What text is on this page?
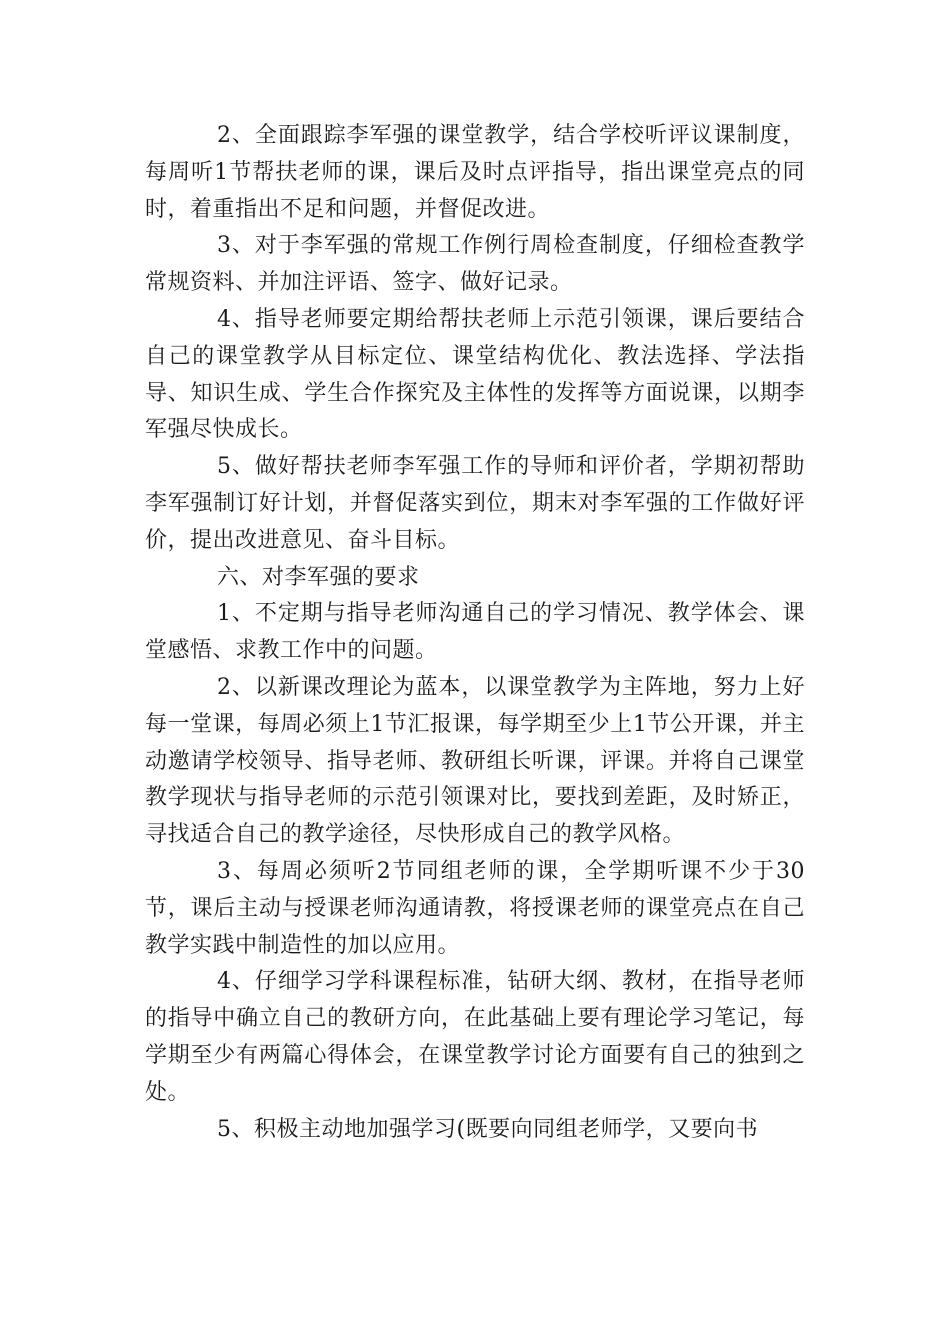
2、全面跟踪李军强的课堂教学，结合学校听评议课制度，每周听1节帮扶老师的课，课后及时点评指导，指出课堂亮点的同时，着重指出不足和问题，并督促改进。

3、对于李军强的常规工作例行周检查制度，仔细检查教学常规资料、并加注评语、签字、做好记录。

4、指导老师要定期给帮扶老师上示范引领课，课后要结合自己的课堂教学从目标定位、课堂结构优化、教法选择、学法指导、知识生成、学生合作探究及主体性的发挥等方面说课，以期李军强尽快成长。

5、做好帮扶老师李军强工作的导师和评价者，学期初帮助李军强制订好计划，并督促落实到位，期末对李军强的工作做好评价，提出改进意见、奋斗目标。

六、对李军强的要求

1、不定期与指导老师沟通自己的学习情况、教学体会、课堂感悟、求教工作中的问题。

2、以新课改理论为蓝本，以课堂教学为主阵地，努力上好每一堂课，每周必须上1节汇报课，每学期至少上1节公开课，并主动邀请学校领导、指导老师、教研组长听课，评课。并将自己课堂教学现状与指导老师的示范引领课对比，要找到差距，及时矫正，寻找适合自己的教学途径，尽快形成自己的教学风格。

3、每周必须听2节同组老师的课，全学期听课不少于30节，课后主动与授课老师沟通请教，将授课老师的课堂亮点在自己教学实践中制造性的加以应用。

4、仔细学习学科课程标准，钻研大纲、教材，在指导老师的指导中确立自己的教研方向，在此基础上要有理论学习笔记，每学期至少有两篇心得体会，在课堂教学讨论方面要有自己的独到之处。

5、积极主动地加强学习(既要向同组老师学，又要向书
